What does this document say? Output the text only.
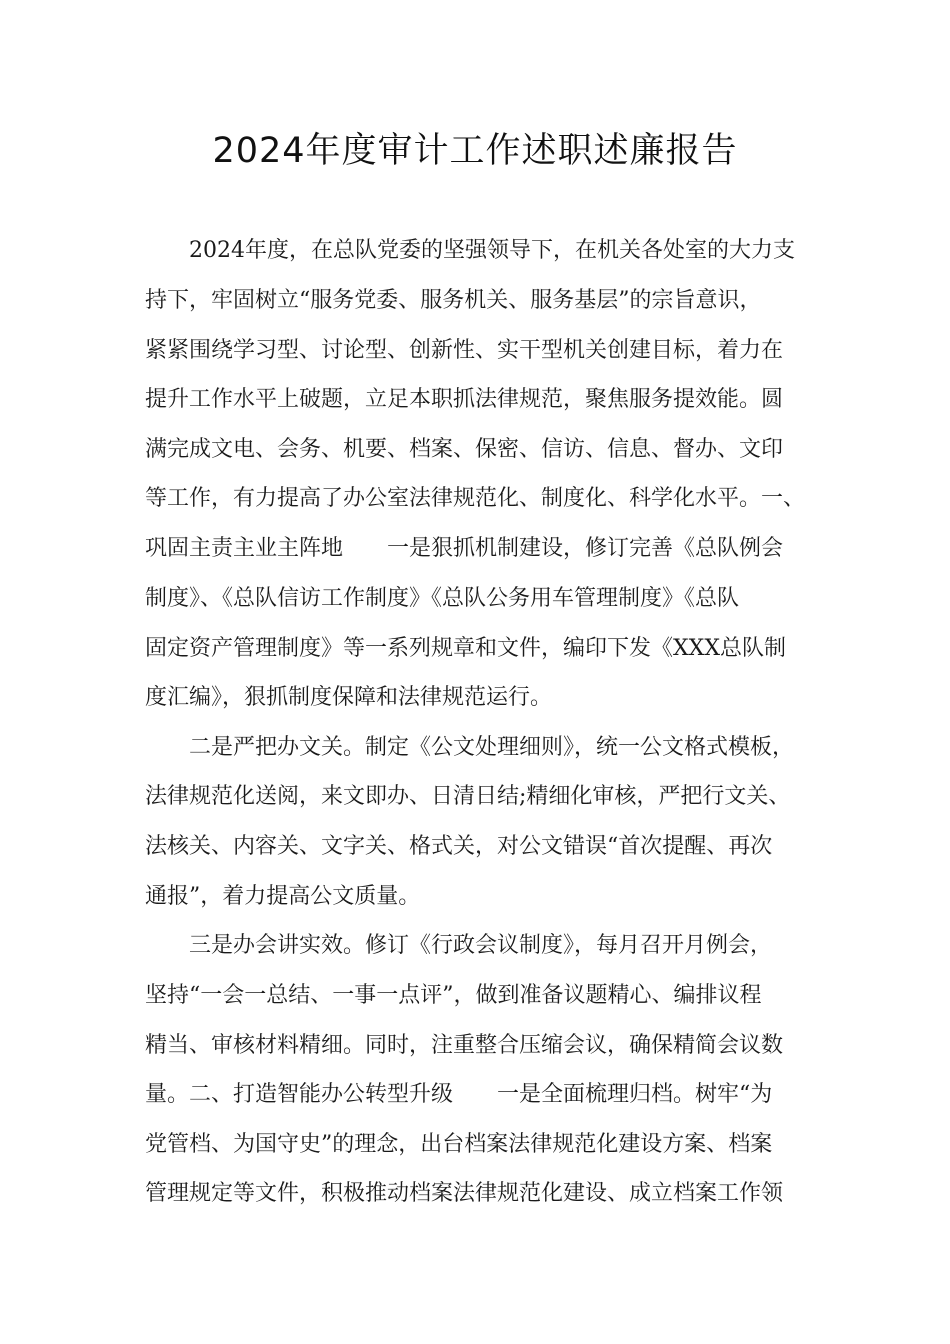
2024年度审计工作述职述廉报告
　　2024年度，在总队党委的坚强领导下，在机关各处室的大力支
持下，牢固树立“服务党委、服务机关、服务基层”的宗旨意识，
紧紧围绕学习型、讨论型、创新性、实干型机关创建目标，着力在
提升工作水平上破题，立足本职抓法律规范，聚焦服务提效能。圆
满完成文电、会务、机要、档案、保密、信访、信息、督办、文印
等工作，有力提高了办公室法律规范化、制度化、科学化水平。一、
巩固主责主业主阵地　　一是狠抓机制建设，修订完善《总队例会
制度》、《总队信访工作制度》《总队公务用车管理制度》《总队
固定资产管理制度》等一系列规章和文件，编印下发《XXX总队制
度汇编》，狠抓制度保障和法律规范运行。
　　二是严把办文关。制定《公文处理细则》，统一公文格式模板，
法律规范化送阅，来文即办、日清日结;精细化审核，严把行文关、
法核关、内容关、文字关、格式关，对公文错误“首次提醒、再次
通报”，着力提高公文质量。
　　三是办会讲实效。修订《行政会议制度》，每月召开月例会，
坚持“一会一总结、一事一点评”，做到准备议题精心、编排议程
精当、审核材料精细。同时，注重整合压缩会议，确保精简会议数
量。二、打造智能办公转型升级　　一是全面梳理归档。树牢“为
党管档、为国守史”的理念，出台档案法律规范化建设方案、档案
管理规定等文件，积极推动档案法律规范化建设、成立档案工作领
